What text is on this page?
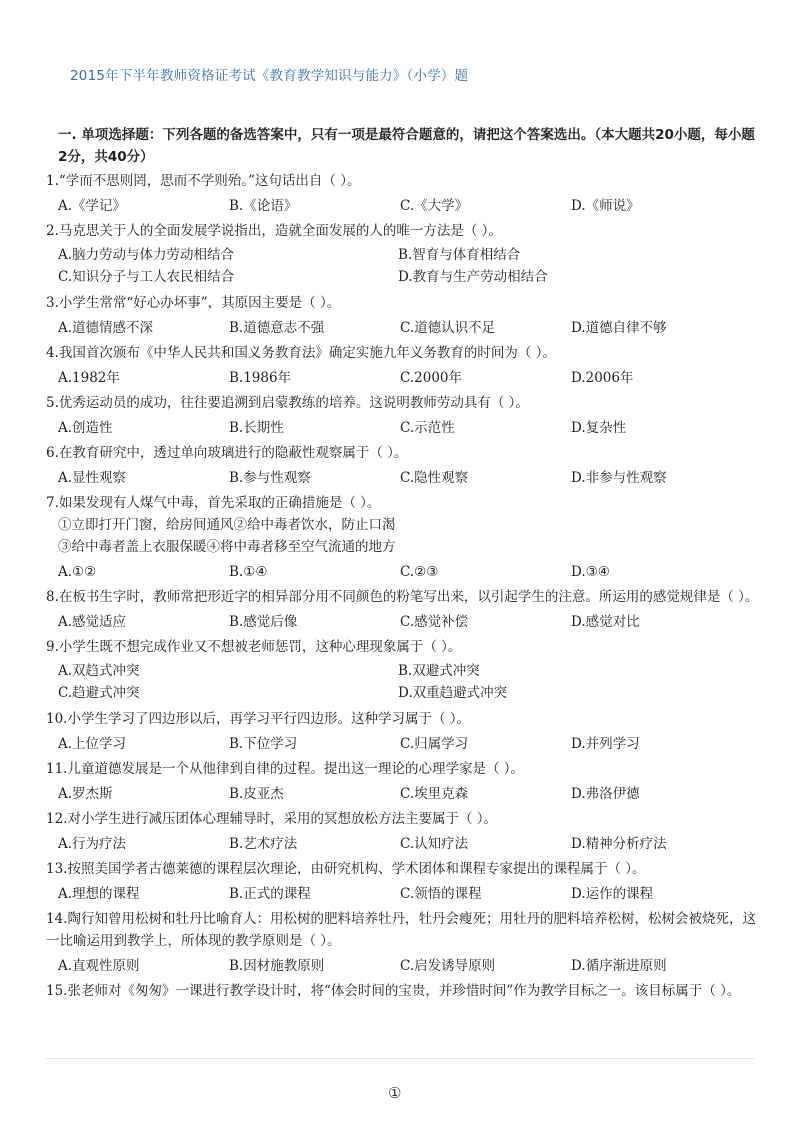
2015年下半年教师资格证考试《教育教学知识与能力》（小学）题
一. 单项选择题：下列各题的备选答案中，只有一项是最符合题意的，请把这个答案选出。（本大题共20小题，每小题2分，共40分）
1.“学而不思则罔，思而不学则殆。”这句话出自（ ）。
A.《学记》	B.《论语》	C.《大学》	D.《师说》
2.马克思关于人的全面发展学说指出，造就全面发展的人的唯一方法是（ ）。
A.脑力劳动与体力劳动相结合	B.智育与体育相结合
C.知识分子与工人农民相结合	D.教育与生产劳动相结合
3.小学生常常“好心办坏事”，其原因主要是（ ）。
A.道德情感不深	B.道德意志不强	C.道德认识不足	D.道德自律不够
4.我国首次颁布《中华人民共和国义务教育法》确定实施九年义务教育的时间为（ ）。
A.1982年	B.1986年	C.2000年	D.2006年
5.优秀运动员的成功，往往要追溯到启蒙教练的培养。这说明教师劳动具有（ ）。
A.创造性	B.长期性	C.示范性	D.复杂性
6.在教育研究中，透过单向玻璃进行的隐蔽性观察属于（ ）。
A.显性观察	B.参与性观察	C.隐性观察	D.非参与性观察
7.如果发现有人煤气中毒，首先采取的正确措施是（ ）。
①立即打开门窗，给房间通风②给中毒者饮水，防止口渴
③给中毒者盖上衣服保暖④将中毒者移至空气流通的地方
A.①②	B.①④	C.②③	D.③④
8.在板书生字时，教师常把形近字的相异部分用不同颜色的粉笔写出来，以引起学生的注意。所运用的感觉规律是（ ）。
A.感觉适应	B.感觉后像	C.感觉补偿	D.感觉对比
9.小学生既不想完成作业又不想被老师惩罚，这种心理现象属于（ ）。
A.双趋式冲突	B.双避式冲突
C.趋避式冲突	D.双重趋避式冲突
10.小学生学习了四边形以后，再学习平行四边形。这种学习属于（ ）。
A.上位学习	B.下位学习	C.归属学习	D.并列学习
11.儿童道德发展是一个从他律到自律的过程。提出这一理论的心理学家是（ ）。
A.罗杰斯	B.皮亚杰	C.埃里克森	D.弗洛伊德
12.对小学生进行减压团体心理辅导时，采用的冥想放松方法主要属于（ ）。
A.行为疗法	B.艺术疗法	C.认知疗法	D.精神分析疗法
13.按照美国学者古德莱德的课程层次理论，由研究机构、学术团体和课程专家提出的课程属于（ ）。
A.理想的课程	B.正式的课程	C.领悟的课程	D.运作的课程
14.陶行知曾用松树和牡丹比喻育人：用松树的肥料培养牡丹，牡丹会瘦死；用牡丹的肥料培养松树，松树会被烧死，这一比喻运用到教学上，所体现的教学原则是（ ）。
A.直观性原则	B.因材施教原则	C.启发诱导原则	D.循序渐进原则
15.张老师对《匆匆》一课进行教学设计时，将“体会时间的宝贵，并珍惜时间”作为教学目标之一。该目标属于（ ）。
①
